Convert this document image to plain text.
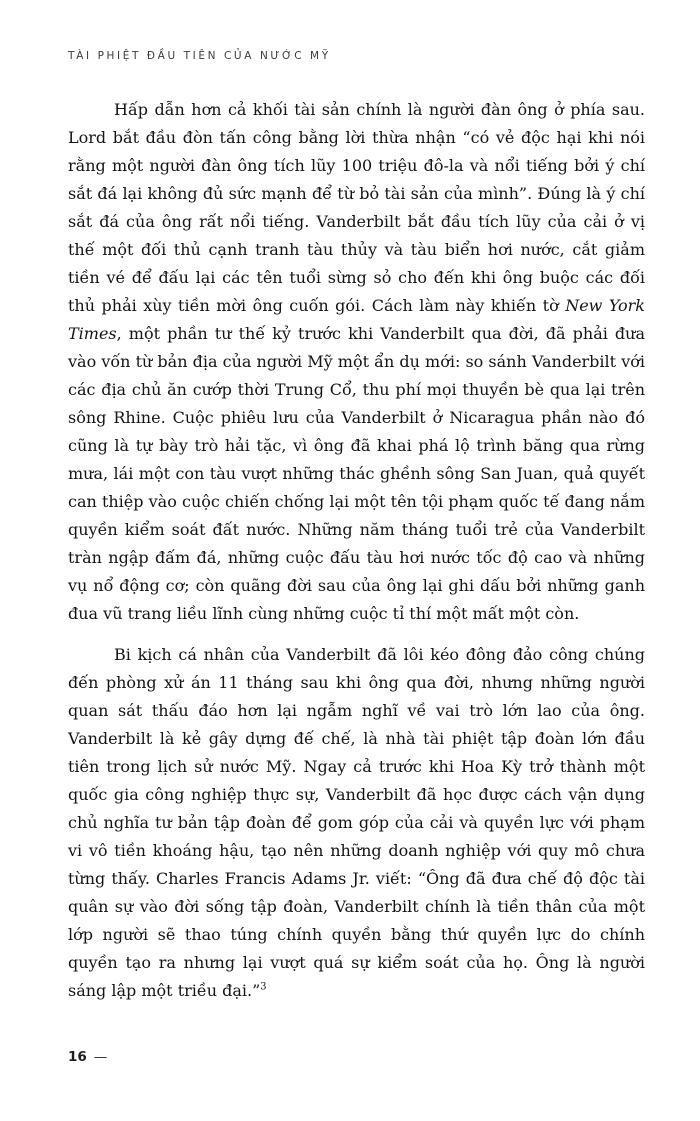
TÀI PHIỆT ĐẦU TIÊN CỦA NƯỚC MỸ

Hấp dẫn hơn cả khối tài sản chính là người đàn ông ở phía sau. Lord bắt đầu đòn tấn công bằng lời thừa nhận “có vẻ độc hại khi nói rằng một người đàn ông tích lũy 100 triệu đô-la và nổi tiếng bởi ý chí sắt đá lại không đủ sức mạnh để từ bỏ tài sản của mình”. Đúng là ý chí sắt đá của ông rất nổi tiếng. Vanderbilt bắt đầu tích lũy của cải ở vị thế một đối thủ cạnh tranh tàu thủy và tàu biển hơi nước, cắt giảm tiền vé để đấu lại các tên tuổi sừng sỏ cho đến khi ông buộc các đối thủ phải xùy tiền mời ông cuốn gói. Cách làm này khiến tờ New York Times, một phần tư thế kỷ trước khi Vanderbilt qua đời, đã phải đưa vào vốn từ bản địa của người Mỹ một ẩn dụ mới: so sánh Vanderbilt với các địa chủ ăn cướp thời Trung Cổ, thu phí mọi thuyền bè qua lại trên sông Rhine. Cuộc phiêu lưu của Vanderbilt ở Nicaragua phần nào đó cũng là tự bày trò hải tặc, vì ông đã khai phá lộ trình băng qua rừng mưa, lái một con tàu vượt những thác ghềnh sông San Juan, quả quyết can thiệp vào cuộc chiến chống lại một tên tội phạm quốc tế đang nắm quyền kiểm soát đất nước. Những năm tháng tuổi trẻ của Vanderbilt tràn ngập đấm đá, những cuộc đấu tàu hơi nước tốc độ cao và những vụ nổ động cơ; còn quãng đời sau của ông lại ghi dấu bởi những ganh đua vũ trang liều lĩnh cùng những cuộc tỉ thí một mất một còn.

Bi kịch cá nhân của Vanderbilt đã lôi kéo đông đảo công chúng đến phòng xử án 11 tháng sau khi ông qua đời, nhưng những người quan sát thấu đáo hơn lại ngẫm nghĩ về vai trò lớn lao của ông. Vanderbilt là kẻ gây dựng đế chế, là nhà tài phiệt tập đoàn lớn đầu tiên trong lịch sử nước Mỹ. Ngay cả trước khi Hoa Kỳ trở thành một quốc gia công nghiệp thực sự, Vanderbilt đã học được cách vận dụng chủ nghĩa tư bản tập đoàn để gom góp của cải và quyền lực với phạm vi vô tiền khoáng hậu, tạo nên những doanh nghiệp với quy mô chưa từng thấy. Charles Francis Adams Jr. viết: “Ông đã đưa chế độ độc tài quân sự vào đời sống tập đoàn, Vanderbilt chính là tiền thân của một lớp người sẽ thao túng chính quyền bằng thứ quyền lực do chính quyền tạo ra nhưng lại vượt quá sự kiểm soát của họ. Ông là người sáng lập một triều đại.”$^3$

16 —
